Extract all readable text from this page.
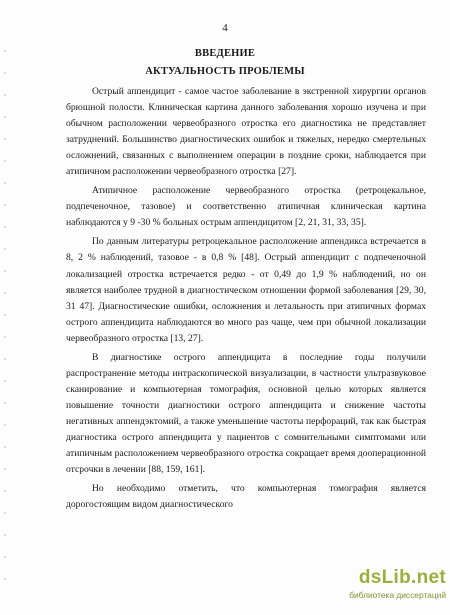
4
ВВЕДЕНИЕ
АКТУАЛЬНОСТЬ ПРОБЛЕМЫ

Острый аппендицит - самое частое заболевание в экстренной хирургии органов брюшной полости. Клиническая картина данного заболевания хорошо изучена и при обычном расположении червеобразного отростка его диагностика не представляет затруднений. Большинство диагностических ошибок и тяжелых, нередко смертельных осложнений, связанных с выполнением операции в поздние сроки, наблюдается при атипичном расположении червеобразного отростка [27].

Атипичное расположение червеобразного отростка (ретроцекальное, подпеченочное, тазовое) и соответственно атипичная клиническая картина наблюдаются у 9 -30 % больных острым аппендицитом [2, 21, 31, 33, 35].

По данным литературы ретроцекальное расположение аппендикса встречается в 8, 2 % наблюдений, тазовое - в 0,8 % [48]. Острый аппендицит с подпеченочной локализацией отростка встречается редко - от 0,49 до 1,9 % наблюдений, но он является наиболее трудной в диагностическом отношении формой заболевания [29, 30, 31 47]. Диагностические ошибки, осложнения и летальность при атипичных формах острого аппендицита наблюдаются во много раз чаще, чем при обычной локализации червеобразного отростка [13, 27].

В диагностике острого аппендицита в последние годы получили распространение методы интраскопической визуализации, в частности ультразвуковое сканирование и компьютерная томография, основной целью которых является повышение точности диагностики острого аппендицита и снижение частоты негативных аппендэктомий, а также уменьшение частоты перфораций, так как быстрая диагностика острого аппендицита у пациентов с сомнительными симптомами или атипичным расположением червеобразного отростка сокращает время дооперационной отсрочки в лечении [88, 159, 161].

Но необходимо отметить, что компьютерная томография является дорогостоящим видом диагностического

dsLib.net
библиотека диссертаций
